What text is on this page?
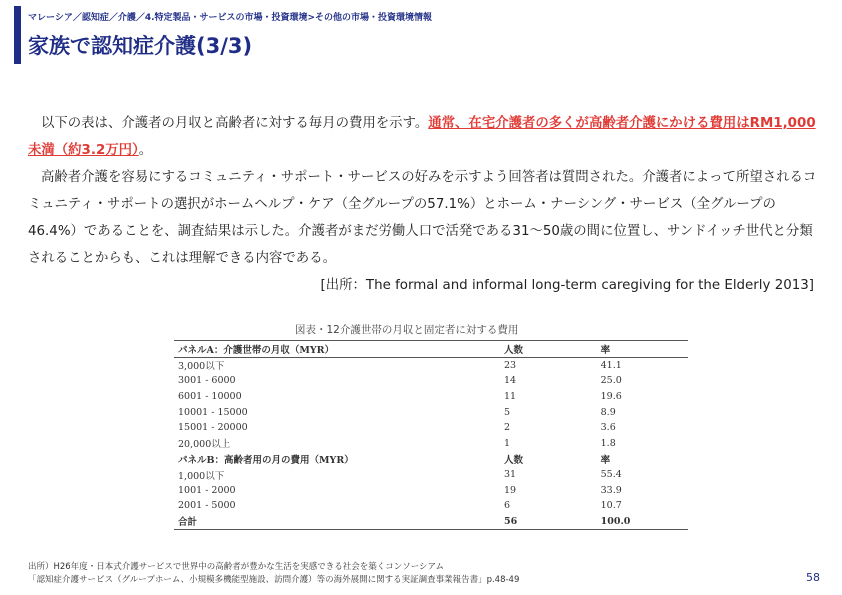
マレーシア／認知症／介護／4.特定製品・サービスの市場・投資環境>その他の市場・投資環境情報
家族で認知症介護(3/3)

以下の表は、介護者の月収と高齢者に対する毎月の費用を示す。通常、在宅介護者の多くが高齢者介護にかける費用はRM1,000未満（約3.2万円）。

高齢者介護を容易にするコミュニティ・サポート・サービスの好みを示すよう回答者は質問された。介護者によって所望されるコミュニティ・サポートの選択がホームヘルプ・ケア（全グループの57.1%）とホーム・ナーシング・サービス（全グループの46.4%）であることを、調査結果は示した。介護者がまだ労働人口で活発である31～50歳の間に位置し、サンドイッチ世代と分類されることからも、これは理解できる内容である。

[出所：The formal and informal long-term caregiving for the Elderly 2013]
図表・12介護世帯の月収と固定者に対する費用
パネルA：介護世帯の月収（MYR）	人数	率
3,000以下	23	41.1
3001 - 6000	14	25.0
6001 - 10000	11	19.6
10001 - 15000	5	8.9
15001 - 20000	2	3.6
20,000以上	1	1.8
パネルB：高齢者用の月の費用（MYR）	人数	率
1,000以下	31	55.4
1001 - 2000	19	33.9
2001 - 5000	6	10.7
合計	56	100.0
出所）H26年度・日本式介護サービスで世界中の高齢者が豊かな生活を実感できる社会を築くコンソーシアム
「認知症介護サービス（グループホーム、小規模多機能型施設、訪問介護）等の海外展開に関する実証調査事業報告書」p.48-49	58
